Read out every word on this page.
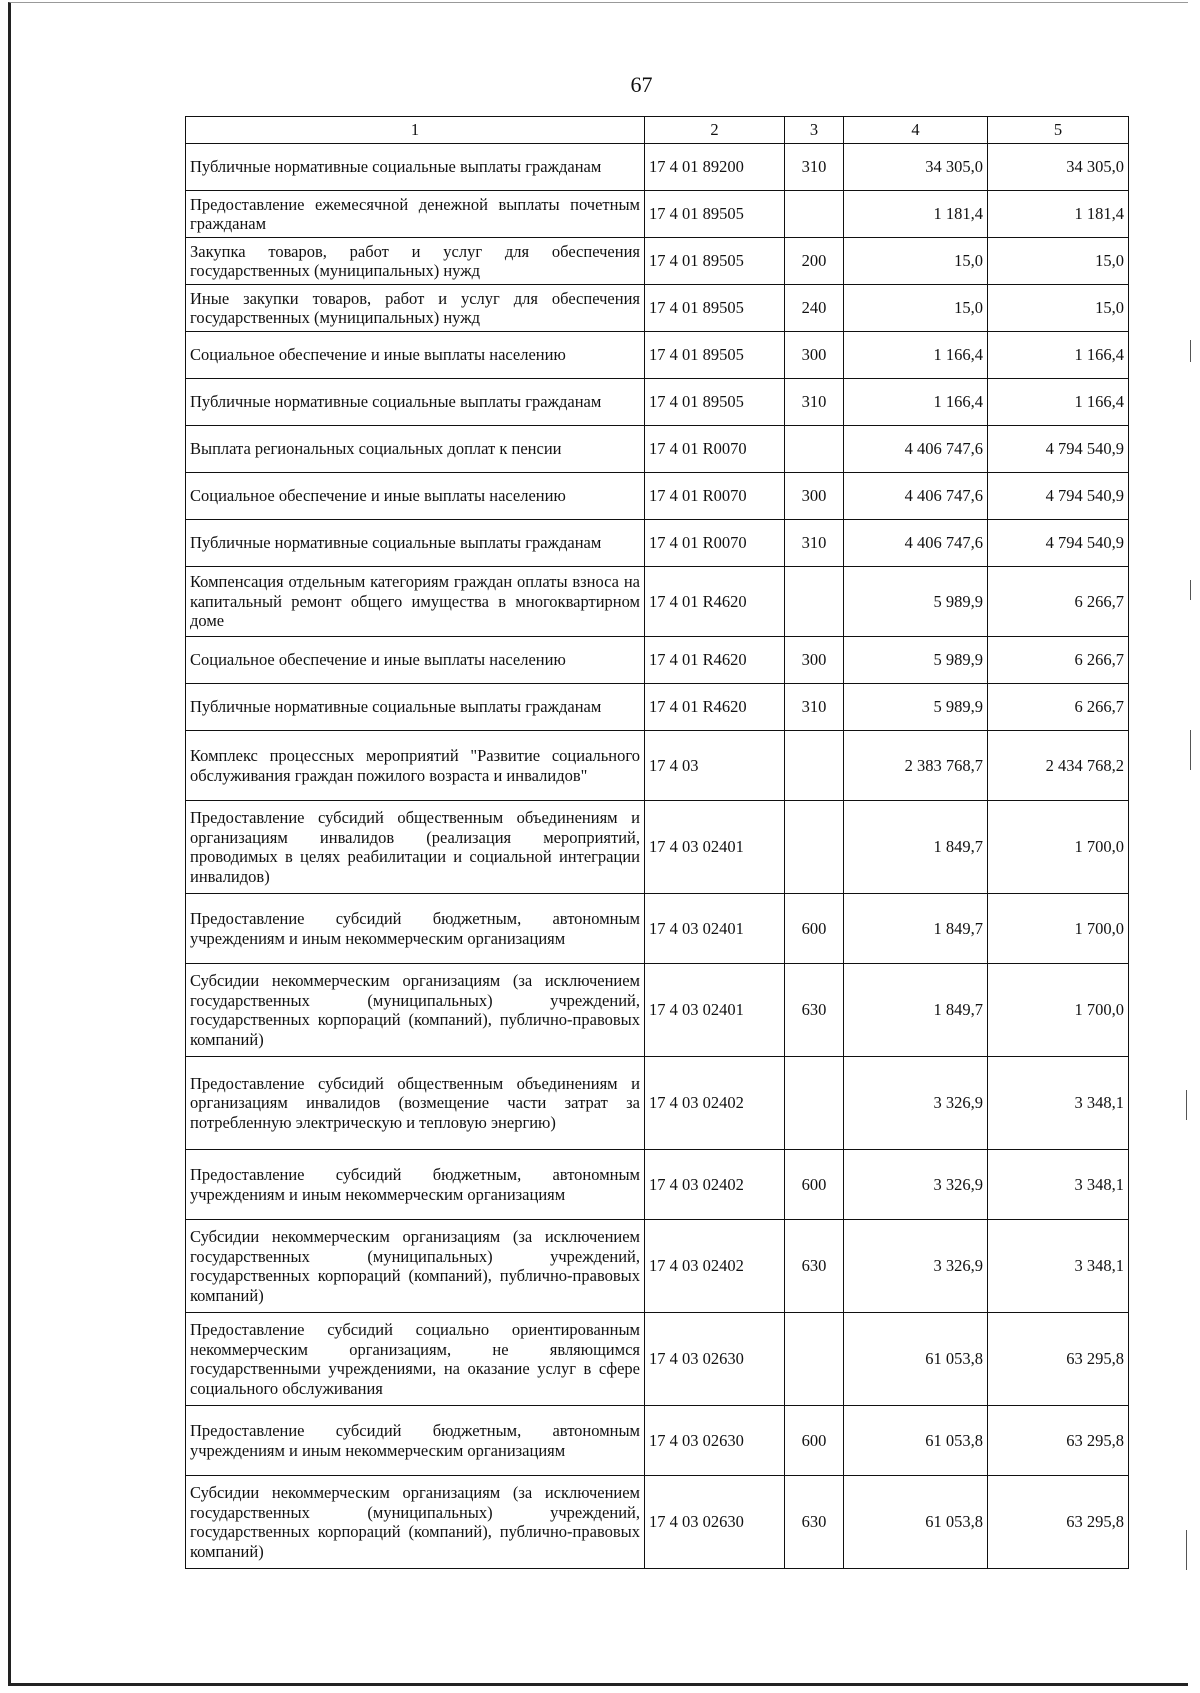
67
1	2	3	4	5
Публичные нормативные социальные выплаты гражданам	17 4 01 89200	310	34 305,0	34 305,0
Предоставление ежемесячной денежной выплаты почетным гражданам	17 4 01 89505		1 181,4	1 181,4
Закупка товаров, работ и услуг для обеспечения государственных (муниципальных) нужд	17 4 01 89505	200	15,0	15,0
Иные закупки товаров, работ и услуг для обеспечения государственных (муниципальных) нужд	17 4 01 89505	240	15,0	15,0
Социальное обеспечение и иные выплаты населению	17 4 01 89505	300	1 166,4	1 166,4
Публичные нормативные социальные выплаты гражданам	17 4 01 89505	310	1 166,4	1 166,4
Выплата региональных социальных доплат к пенсии	17 4 01 R0070		4 406 747,6	4 794 540,9
Социальное обеспечение и иные выплаты населению	17 4 01 R0070	300	4 406 747,6	4 794 540,9
Публичные нормативные социальные выплаты гражданам	17 4 01 R0070	310	4 406 747,6	4 794 540,9
Компенсация отдельным категориям граждан оплаты взноса на капитальный ремонт общего имущества в многоквартирном доме	17 4 01 R4620		5 989,9	6 266,7
Социальное обеспечение и иные выплаты населению	17 4 01 R4620	300	5 989,9	6 266,7
Публичные нормативные социальные выплаты гражданам	17 4 01 R4620	310	5 989,9	6 266,7
Комплекс процессных мероприятий "Развитие социального обслуживания граждан пожилого возраста и инвалидов"	17 4 03		2 383 768,7	2 434 768,2
Предоставление субсидий общественным объединениям и организациям инвалидов (реализация мероприятий, проводимых в целях реабилитации и социальной интеграции инвалидов)	17 4 03 02401		1 849,7	1 700,0
Предоставление субсидий бюджетным, автономным учреждениям и иным некоммерческим организациям	17 4 03 02401	600	1 849,7	1 700,0
Субсидии некоммерческим организациям (за исключением государственных (муниципальных) учреждений, государственных корпораций (компаний), публично-правовых компаний)	17 4 03 02401	630	1 849,7	1 700,0
Предоставление субсидий общественным объединениям и организациям инвалидов (возмещение части затрат за потребленную электрическую и тепловую энергию)	17 4 03 02402		3 326,9	3 348,1
Предоставление субсидий бюджетным, автономным учреждениям и иным некоммерческим организациям	17 4 03 02402	600	3 326,9	3 348,1
Субсидии некоммерческим организациям (за исключением государственных (муниципальных) учреждений, государственных корпораций (компаний), публично-правовых компаний)	17 4 03 02402	630	3 326,9	3 348,1
Предоставление субсидий социально ориентированным некоммерческим организациям, не являющимся государственными учреждениями, на оказание услуг в сфере социального обслуживания	17 4 03 02630		61 053,8	63 295,8
Предоставление субсидий бюджетным, автономным учреждениям и иным некоммерческим организациям	17 4 03 02630	600	61 053,8	63 295,8
Субсидии некоммерческим организациям (за исключением государственных (муниципальных) учреждений, государственных корпораций (компаний), публично-правовых компаний)	17 4 03 02630	630	61 053,8	63 295,8
